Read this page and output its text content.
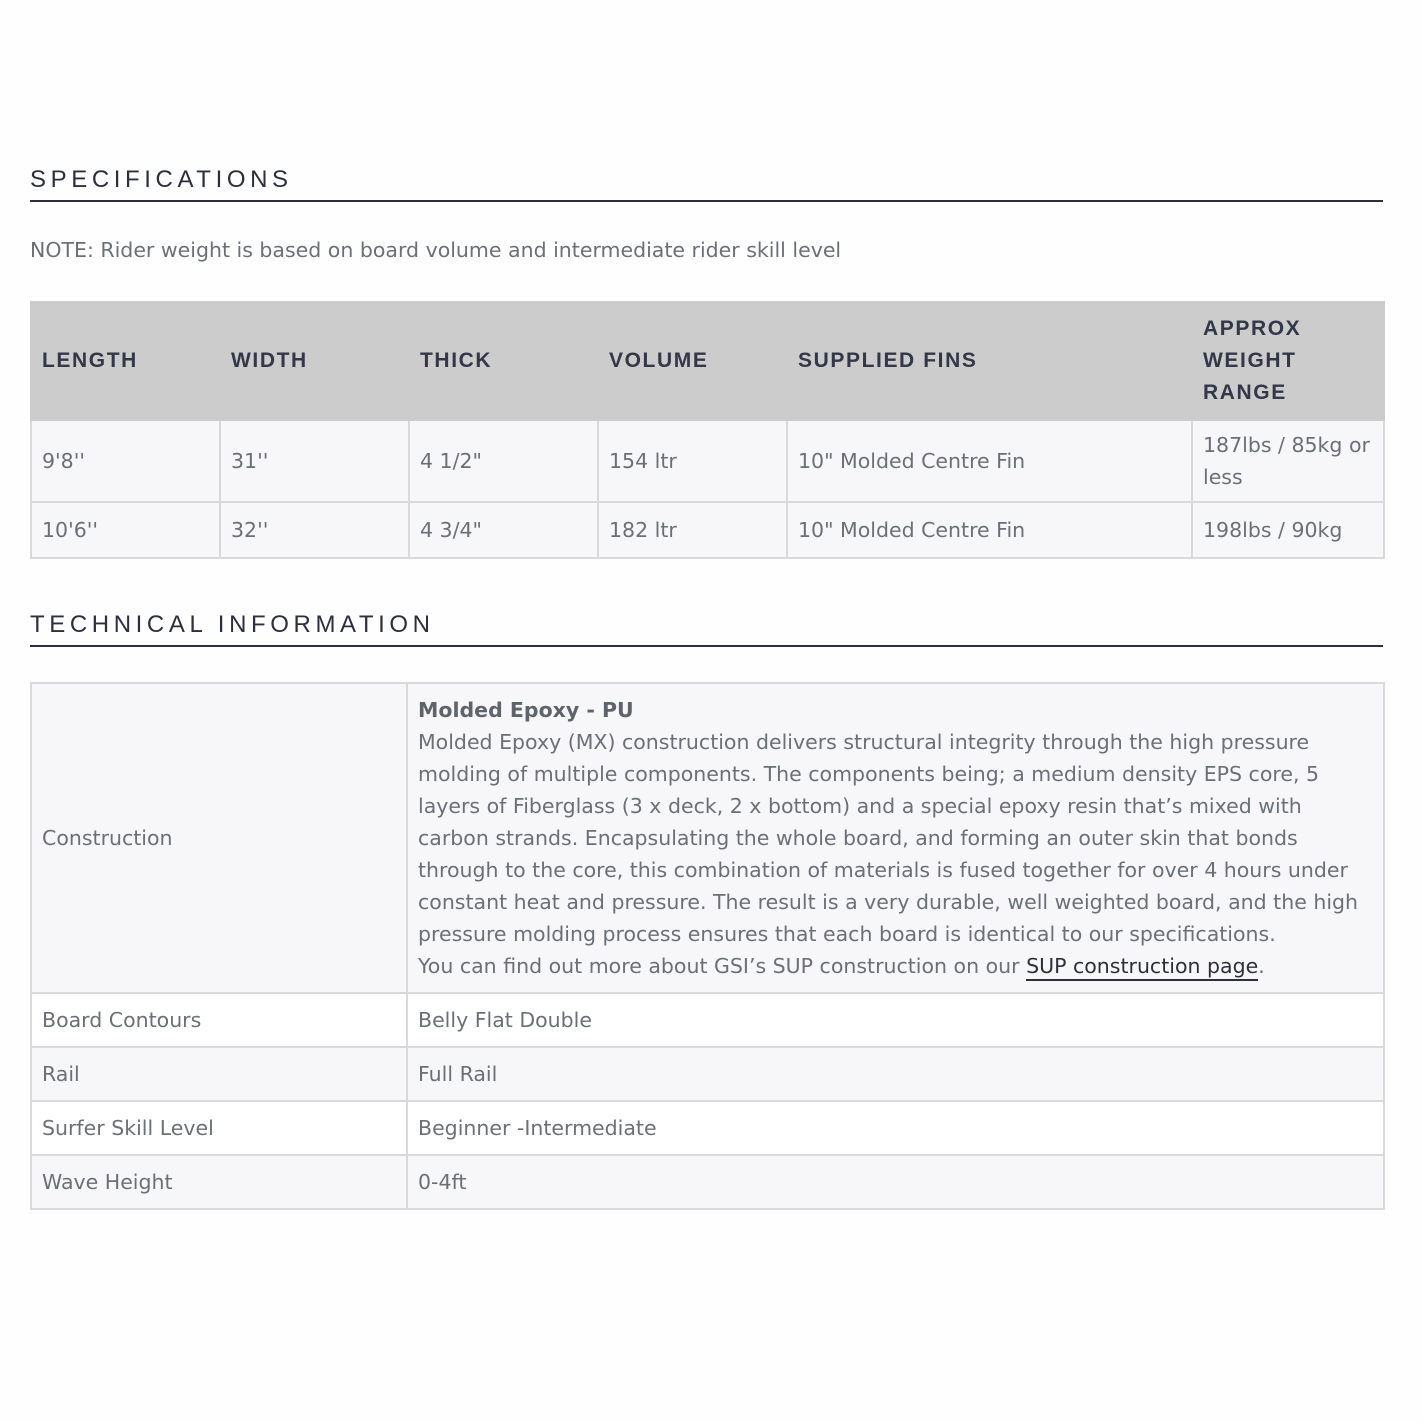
SPECIFICATIONS

NOTE: Rider weight is based on board volume and intermediate rider skill level

LENGTH	WIDTH	THICK	VOLUME	SUPPLIED FINS	APPROX WEIGHT RANGE
9'8''	31''	4 1/2"	154 ltr	10" Molded Centre Fin	187lbs / 85kg or less
10'6''	32''	4 3/4"	182 ltr	10" Molded Centre Fin	198lbs / 90kg
TECHNICAL INFORMATION
Construction	Molded Epoxy - PU
Molded Epoxy (MX) construction delivers structural integrity through the high pressure molding of multiple components. The components being; a medium density EPS core, 5 layers of Fiberglass (3 x deck, 2 x bottom) and a special epoxy resin that’s mixed with carbon strands. Encapsulating the whole board, and forming an outer skin that bonds through to the core, this combination of materials is fused together for over 4 hours under constant heat and pressure. The result is a very durable, well weighted board, and the high pressure molding process ensures that each board is identical to our specifications.
You can find out more about GSI’s SUP construction on our SUP construction page.

Board Contours	Belly Flat Double
Rail	Full Rail
Surfer Skill Level	Beginner -Intermediate
Wave Height	0-4ft
